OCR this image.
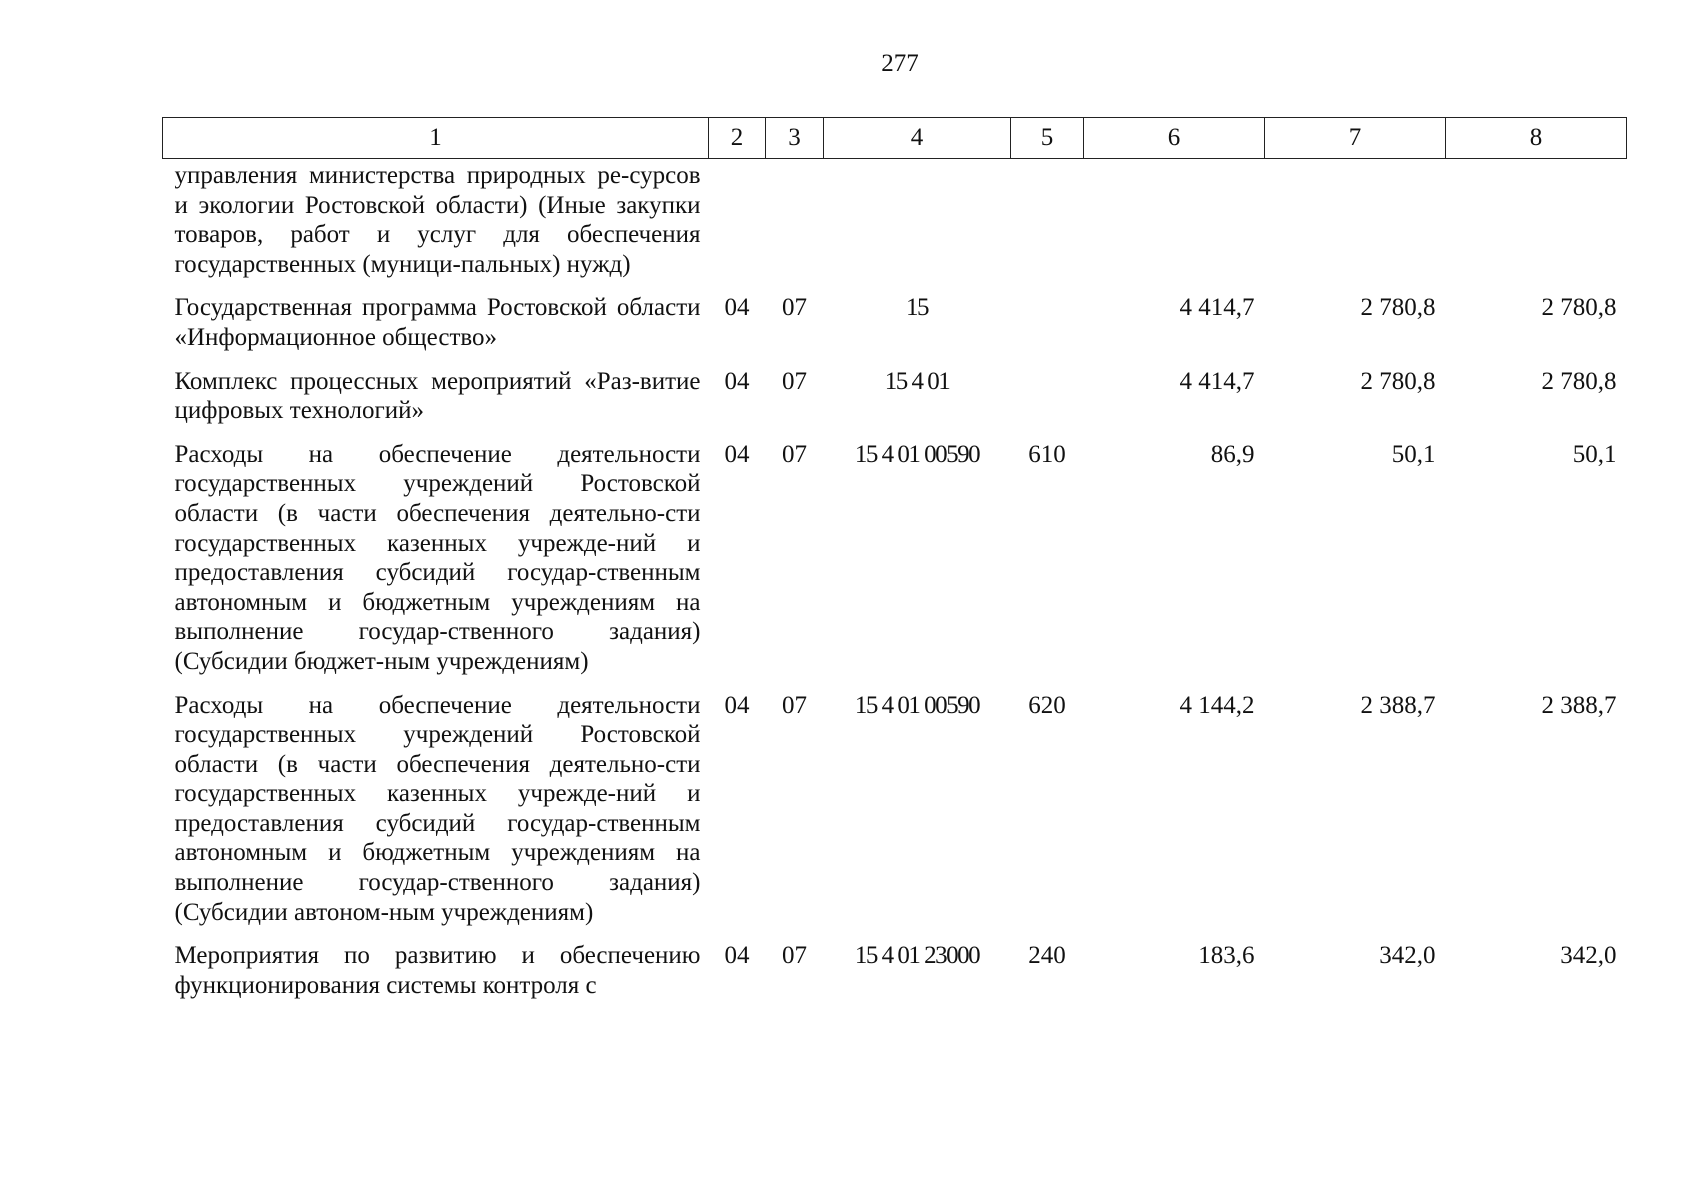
277
1	2	3	4	5	6	7	8
управления министерства природных ре-сурсов и экологии Ростовской области) (Иные закупки товаров, работ и услуг для обеспечения государственных (муници-пальных) нужд)							
Государственная программа Ростовской области «Информационное общество»	04	07	15		4 414,7	2 780,8	2 780,8
Комплекс процессных мероприятий «Раз-витие цифровых технологий»	04	07	15 4 01		4 414,7	2 780,8	2 780,8
Расходы на обеспечение деятельности государственных учреждений Ростовской области (в части обеспечения деятельно-сти государственных казенных учрежде-ний и предоставления субсидий государ-ственным автономным и бюджетным учреждениям на выполнение государ-ственного задания) (Субсидии бюджет-ным учреждениям)	04	07	15 4 01 00590	610	86,9	50,1	50,1
Расходы на обеспечение деятельности государственных учреждений Ростовской области (в части обеспечения деятельно-сти государственных казенных учрежде-ний и предоставления субсидий государ-ственным автономным и бюджетным учреждениям на выполнение государ-ственного задания) (Субсидии автоном-ным учреждениям)	04	07	15 4 01 00590	620	4 144,2	2 388,7	2 388,7
Мероприятия по развитию и обеспечению функционирования системы контроля с	04	07	15 4 01 23000	240	183,6	342,0	342,0
